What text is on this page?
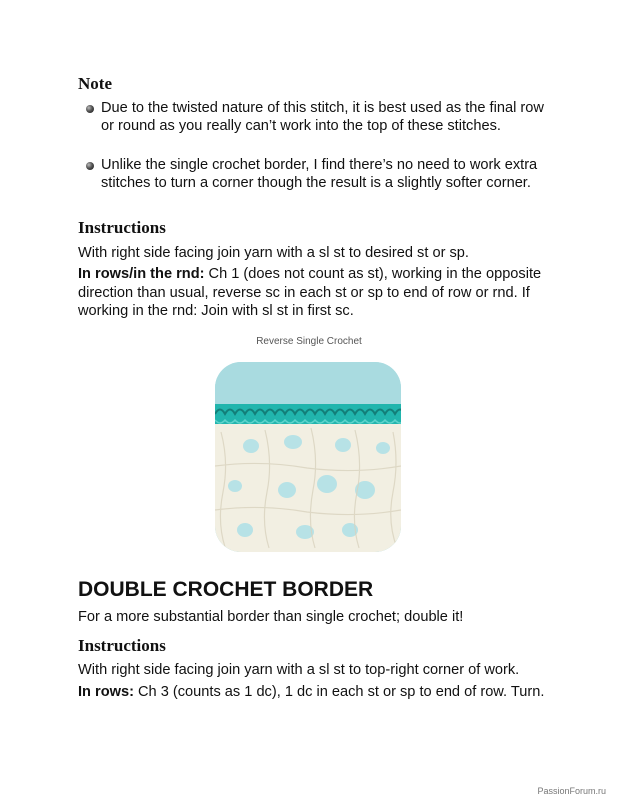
Note
Due to the twisted nature of this stitch, it is best used as the final row or round as you really can’t work into the top of these stitches.
Unlike the single crochet border, I find there’s no need to work extra stitches to turn a corner though the result is a slightly softer corner.
Instructions
With right side facing join yarn with a sl st to desired st or sp.
In rows/in the rnd: Ch 1 (does not count as st), working in the opposite direction than usual, reverse sc in each st or sp to end of row or rnd. If working in the rnd: Join with sl st in first sc.
Reverse Single Crochet
DOUBLE CROCHET BORDER
For a more substantial border than single crochet; double it!
Instructions
With right side facing join yarn with a sl st to top-right corner of work.
In rows: Ch 3 (counts as 1 dc), 1 dc in each st or sp to end of row. Turn.
PassionForum.ru
